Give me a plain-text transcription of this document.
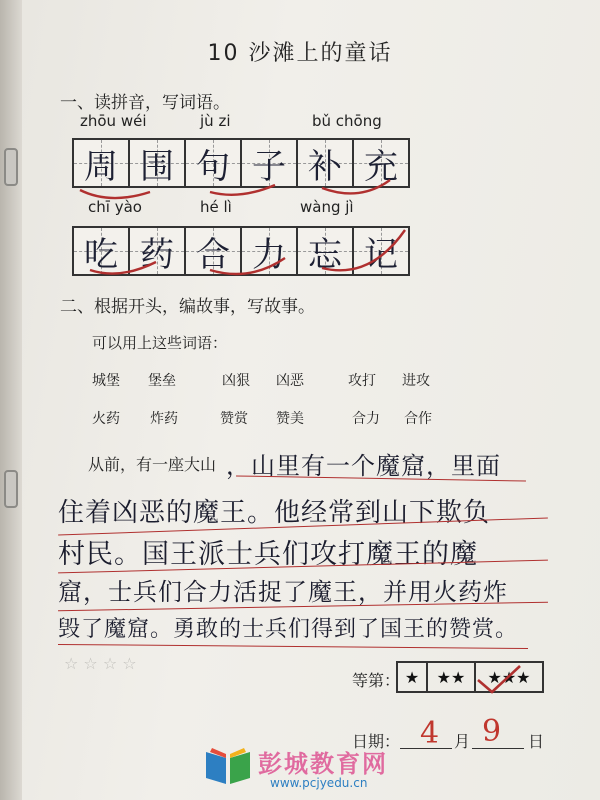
10 沙滩上的童话
一、读拼音，写词语。
zhōu wéi	jù zi	bǔ chōng
周 围 句 子 补 充
chī yào	hé lì	wàng jì
吃 药 合 力 忘 记
二、根据开头，编故事，写故事。
可以用上这些词语：
城堡 堡垒	凶狠 凶恶	攻打 进攻
火药 炸药	赞赏 赞美	合力 合作
从前，有一座大山 ，山里有一个魔窟，里面
住着凶恶的魔王。他经常到山下欺负
村民。国王派士兵们攻打魔王的魔
窟，士兵们合力活捉了魔王，并用火药炸
毁了魔窟。勇敢的士兵们得到了国王的赞赏。
☆ ☆ ☆ ☆
等第： ★	★★	★★★
日期： 4 月 9 日
彭城教育网
www.pcjyedu.cn
